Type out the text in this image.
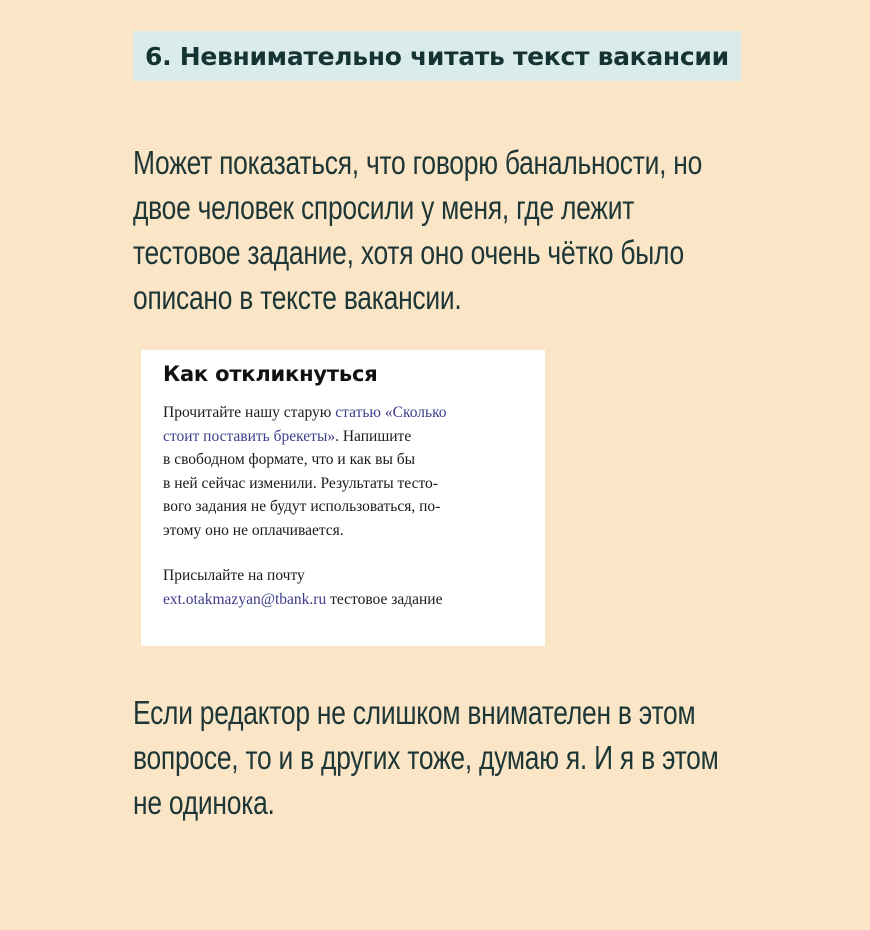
6. Невнимательно читать текст вакансии

Может показаться, что говорю банальности, но
двое человек спросили у меня, где лежит
тестовое задание, хотя оно очень чётко было
описано в тексте вакансии.

Как откликнуться

Прочитайте нашу старую статью «Сколько
стоит поставить брекеты». Напишите
в свободном формате, что и как вы бы
в ней сейчас изменили. Результаты тесто-
вого задания не будут использоваться, по-
этому оно не оплачивается.

Присылайте на почту
ext.otakmazyan@tbank.ru тестовое задание

Если редактор не слишком внимателен в этом
вопросе, то и в других тоже, думаю я. И я в этом
не одинока.
